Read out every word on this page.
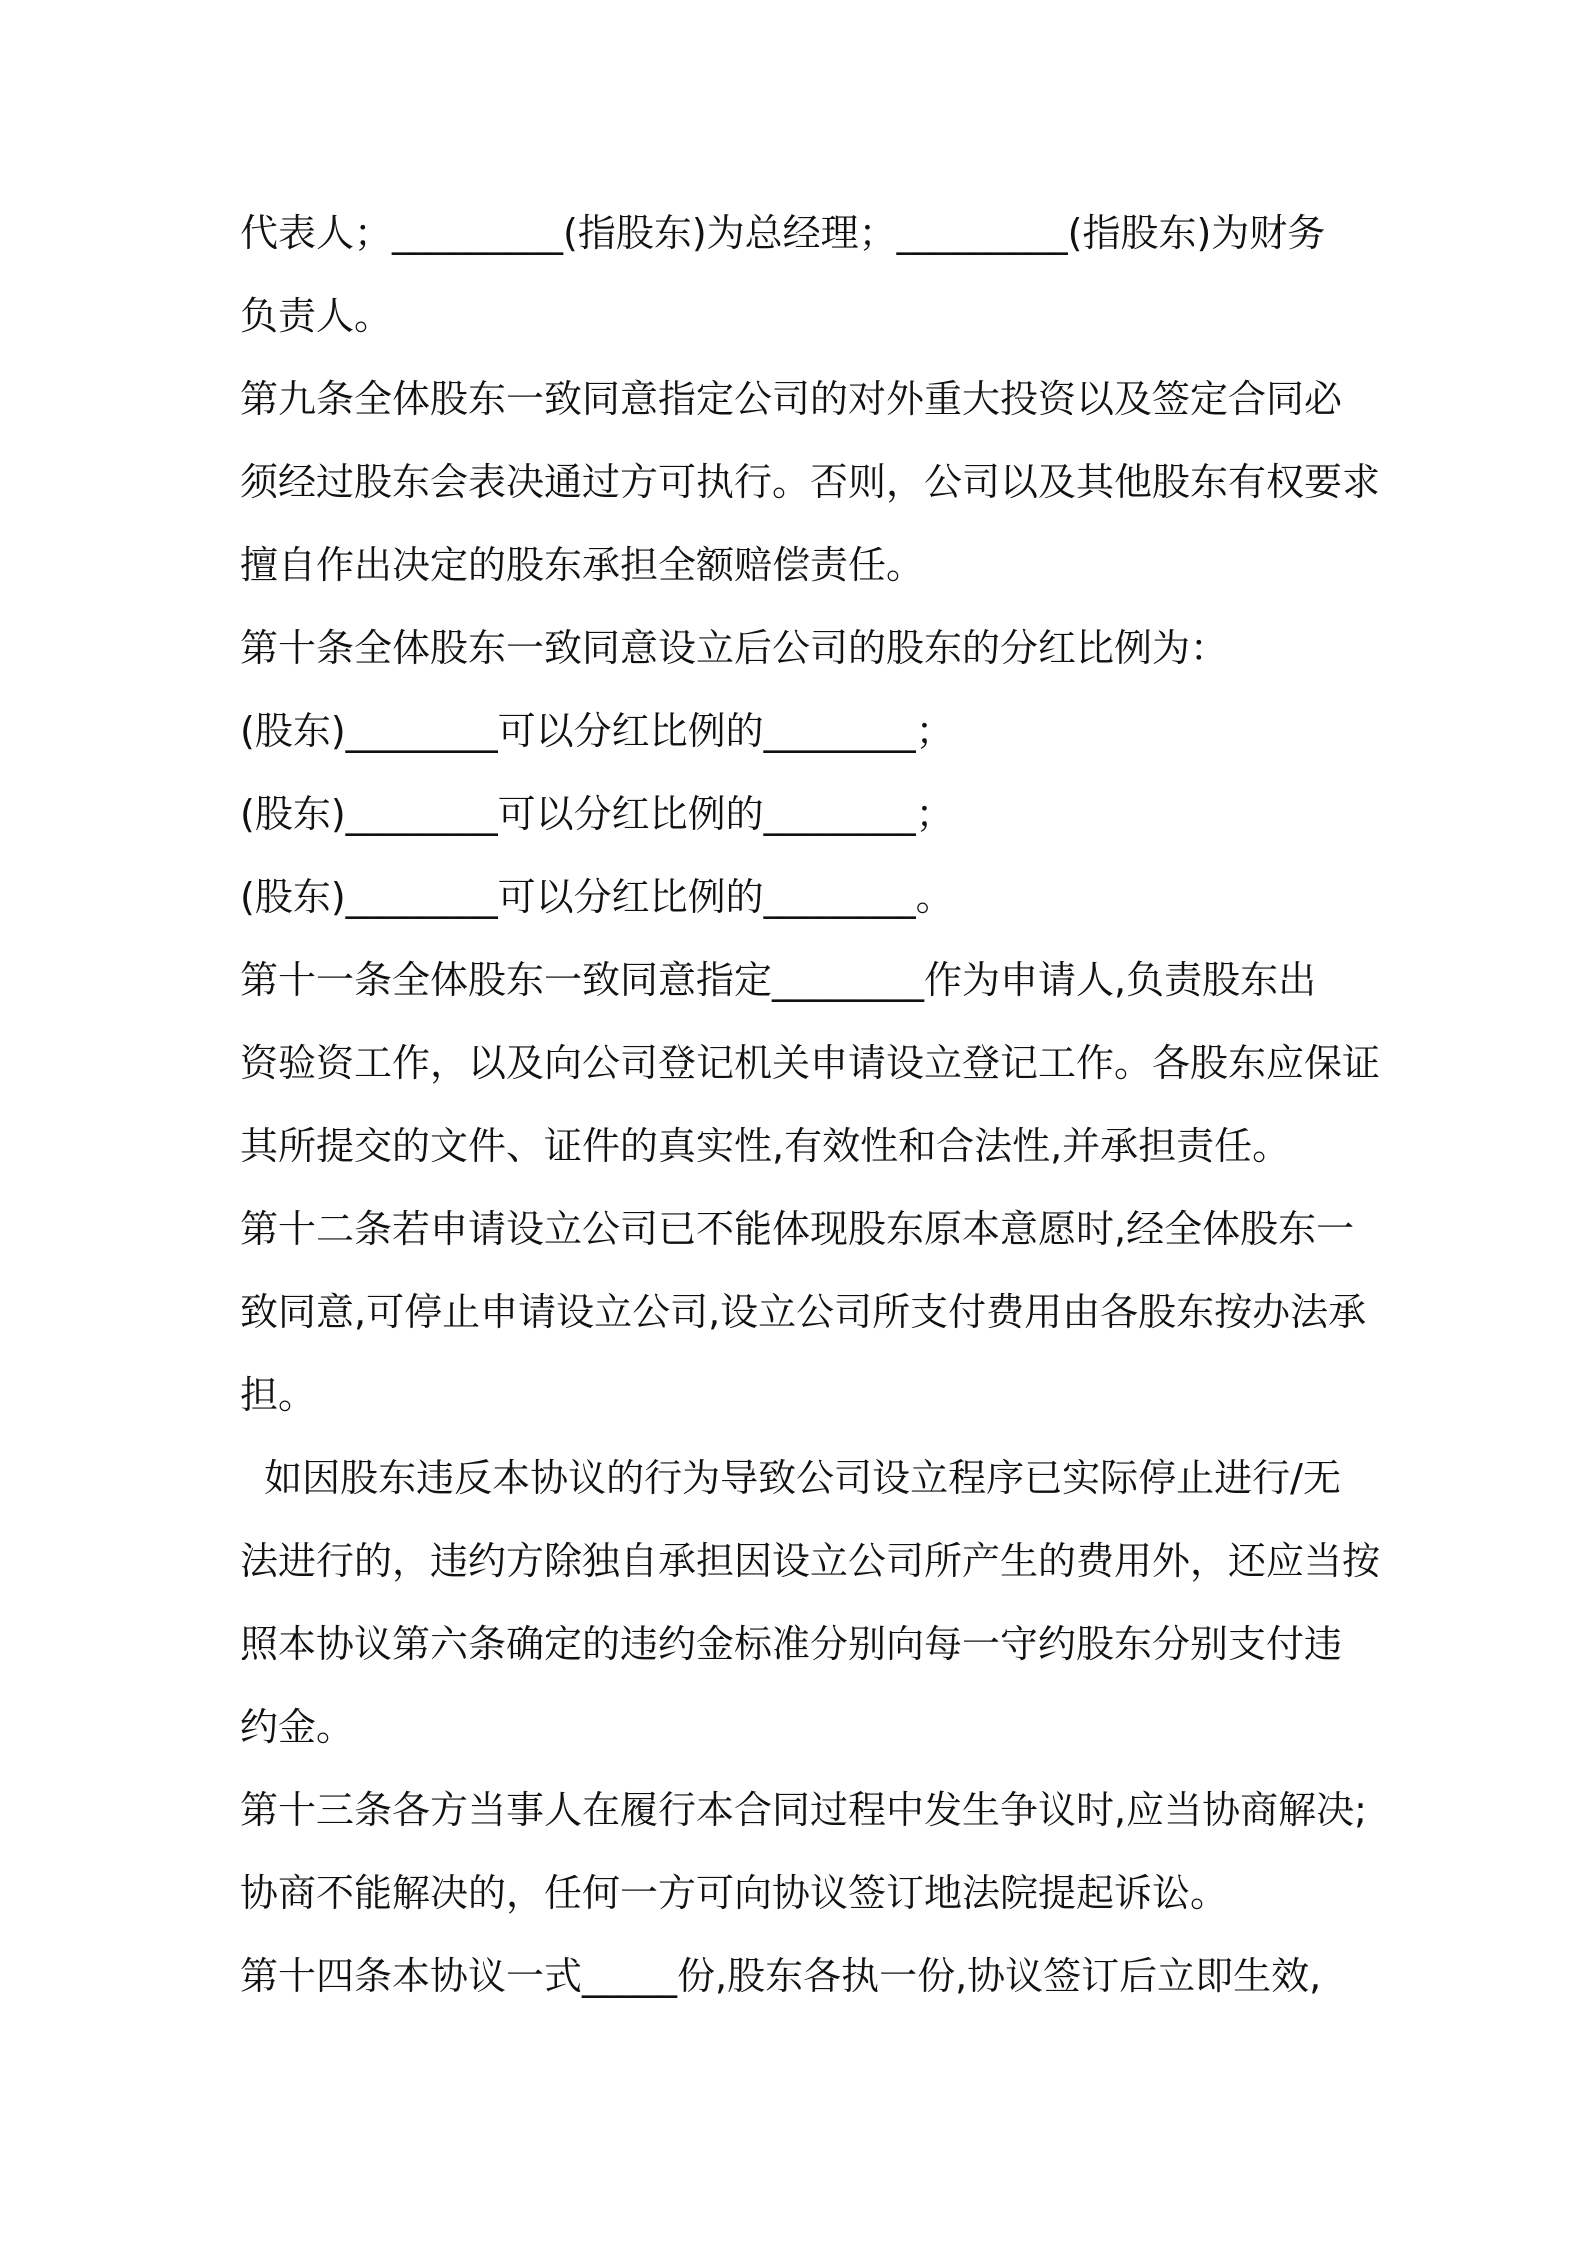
代表人；_________(指股东)为总经理；_________(指股东)为财务
负责人。
第九条全体股东一致同意指定公司的对外重大投资以及签定合同必
须经过股东会表决通过方可执行。否则，公司以及其他股东有权要求
擅自作出决定的股东承担全额赔偿责任。
第十条全体股东一致同意设立后公司的股东的分红比例为：
(股东)________可以分红比例的________；
(股东)________可以分红比例的________；
(股东)________可以分红比例的________。
第十一条全体股东一致同意指定________作为申请人,负责股东出
资验资工作，以及向公司登记机关申请设立登记工作。各股东应保证
其所提交的文件、证件的真实性,有效性和合法性,并承担责任。
第十二条若申请设立公司已不能体现股东原本意愿时,经全体股东一
致同意,可停止申请设立公司,设立公司所支付费用由各股东按办法承
担。
如因股东违反本协议的行为导致公司设立程序已实际停止进行/无
法进行的，违约方除独自承担因设立公司所产生的费用外，还应当按
照本协议第六条确定的违约金标准分别向每一守约股东分别支付违
约金。
第十三条各方当事人在履行本合同过程中发生争议时,应当协商解决;
协商不能解决的，任何一方可向协议签订地法院提起诉讼。
第十四条本协议一式_____份,股东各执一份,协议签订后立即生效,
